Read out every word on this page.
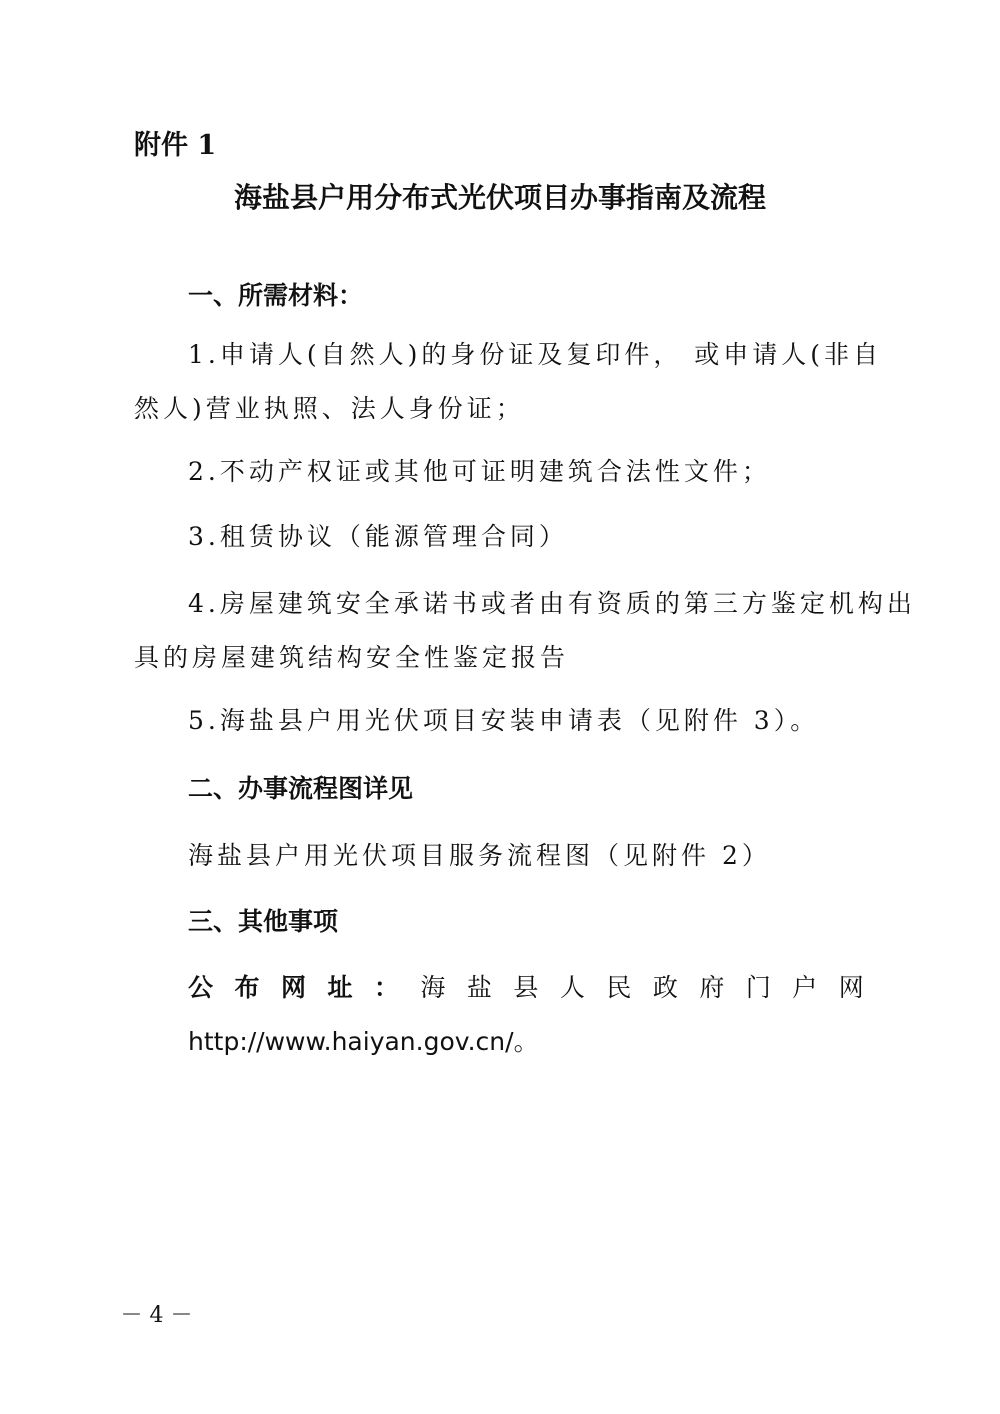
附件 1
海盐县户用分布式光伏项目办事指南及流程
一、所需材料：
1.申请人(自然人)的身份证及复印件， 或申请人(非自
然人)营业执照、法人身份证；
2.不动产权证或其他可证明建筑合法性文件；
3.租赁协议（能源管理合同）
4.房屋建筑安全承诺书或者由有资质的第三方鉴定机构出
具的房屋建筑结构安全性鉴定报告
5.海盐县户用光伏项目安装申请表（见附件 3）。
二、办事流程图详见
海盐县户用光伏项目服务流程图（见附件 2）
三、其他事项
公 布 网 址 ： 海 盐 县 人 民 政 府 门 户 网
http://www.haiyan.gov.cn/。
－ 4 －
